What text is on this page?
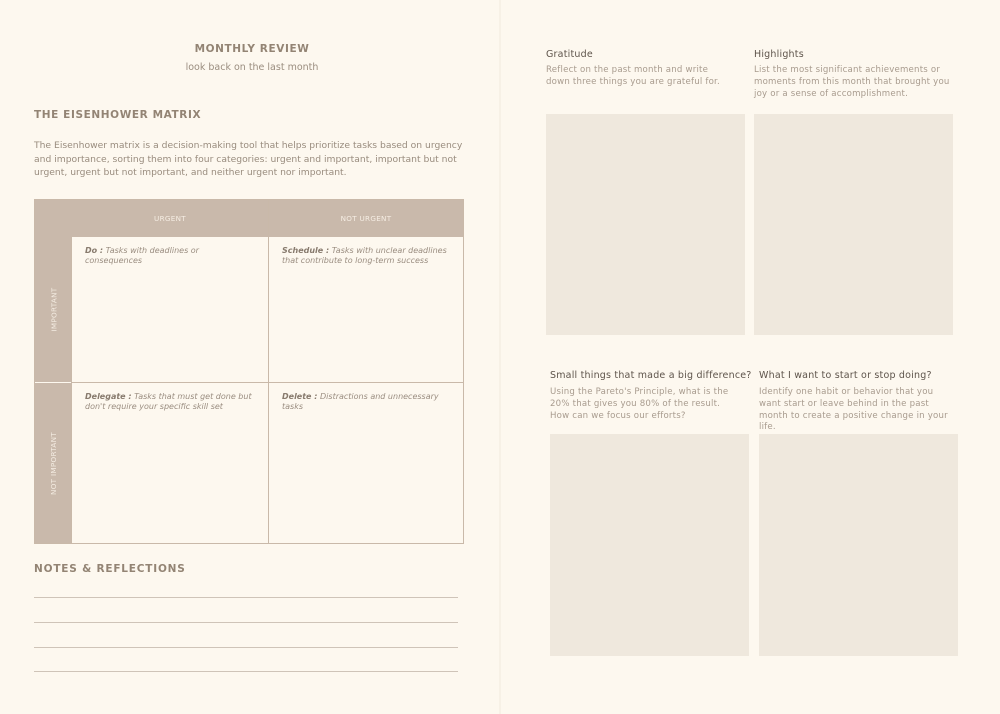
MONTHLY REVIEW
look back on the last month
THE EISENHOWER MATRIX
The Eisenhower matrix is a decision-making tool that helps prioritize tasks based on urgency and importance, sorting them into four categories: urgent and important, important but not urgent, urgent but not important, and neither urgent nor important.
URGENT	NOT URGENT
IMPORTANT
NOT IMPORTANT
Do : Tasks with deadlines or consequences
Schedule : Tasks with unclear deadlines that contribute to long-term success
Delegate : Tasks that must get done but don't require your specific skill set
Delete : Distractions and unnecessary tasks
NOTES & REFLECTIONS
Gratitude
Reflect on the past month and write down three things you are grateful for.
Highlights
List the most significant achievements or moments from this month that brought you joy or a sense of accomplishment.
Small things that made a big difference?
Using the Pareto's Principle, what is the 20% that gives you 80% of the result. How can we focus our efforts?
What I want to start or stop doing?
Identify one habit or behavior that you want start or leave behind in the past month to create a positive change in your life.
